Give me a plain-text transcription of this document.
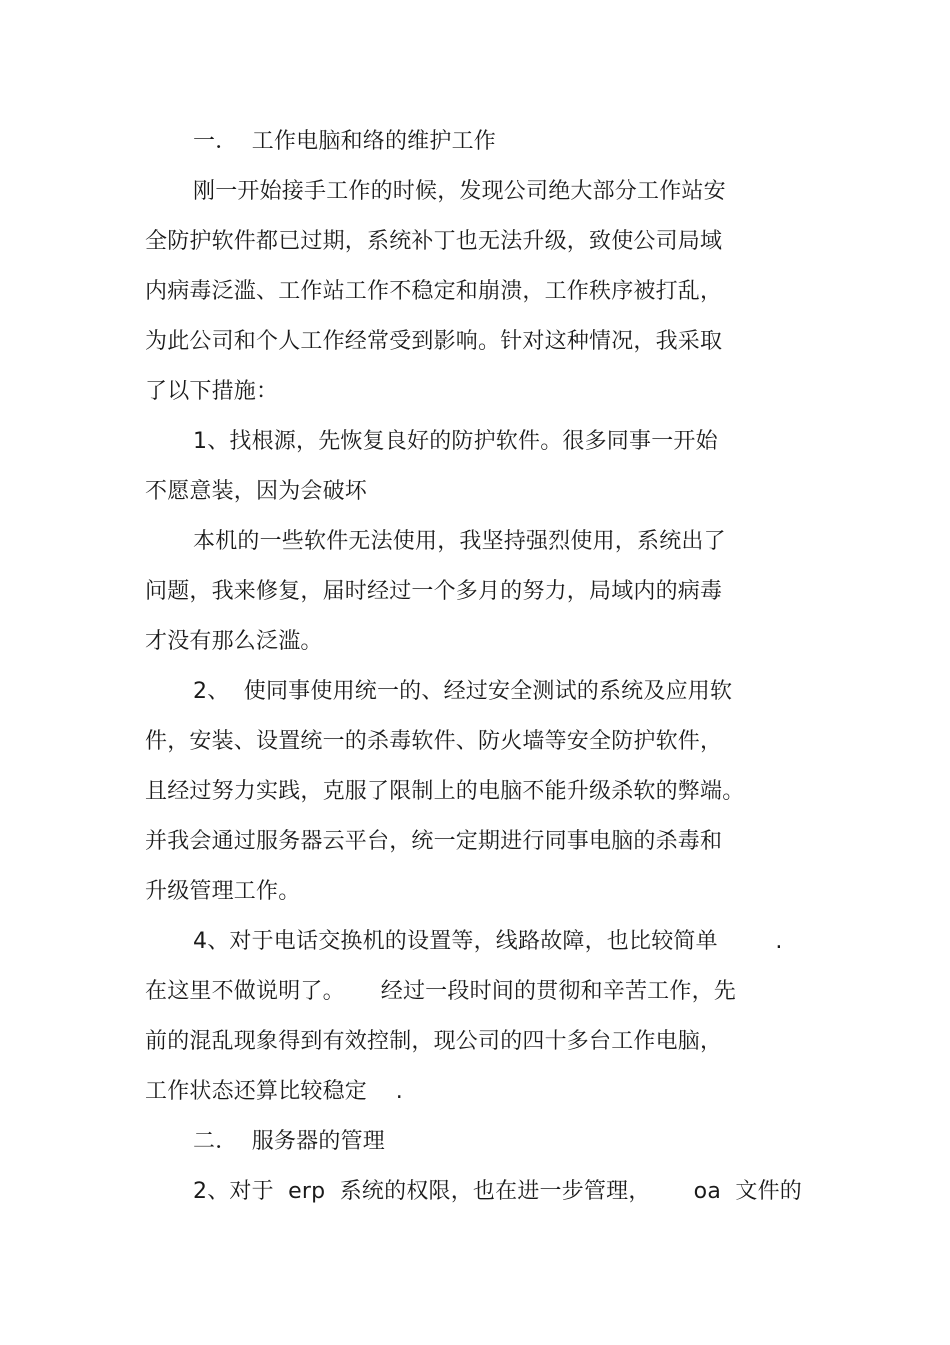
一．  工作电脑和络的维护工作
刚一开始接手工作的时候，发现公司绝大部分工作站安
全防护软件都已过期，系统补丁也无法升级，致使公司局域
内病毒泛滥、工作站工作不稳定和崩溃，工作秩序被打乱，
为此公司和个人工作经常受到影响。针对这种情况，我采取
了以下措施：
1、找根源，先恢复良好的防护软件。很多同事一开始
不愿意装，因为会破坏
本机的一些软件无法使用，我坚持强烈使用，系统出了
问题，我来修复，届时经过一个多月的努力，局域内的病毒
才没有那么泛滥。
2、  使同事使用统一的、经过安全测试的系统及应用软
件，安装、设置统一的杀毒软件、防火墙等安全防护软件，
且经过努力实践，克服了限制上的电脑不能升级杀软的弊端。
并我会通过服务器云平台，统一定期进行同事电脑的杀毒和
升级管理工作。
4、对于电话交换机的设置等，线路故障，也比较简单        .
在这里不做说明了。     经过一段时间的贯彻和辛苦工作，先
前的混乱现象得到有效控制，现公司的四十多台工作电脑，
工作状态还算比较稳定    .
二．  服务器的管理
2、对于  erp  系统的权限，也在进一步管理，      oa  文件的
